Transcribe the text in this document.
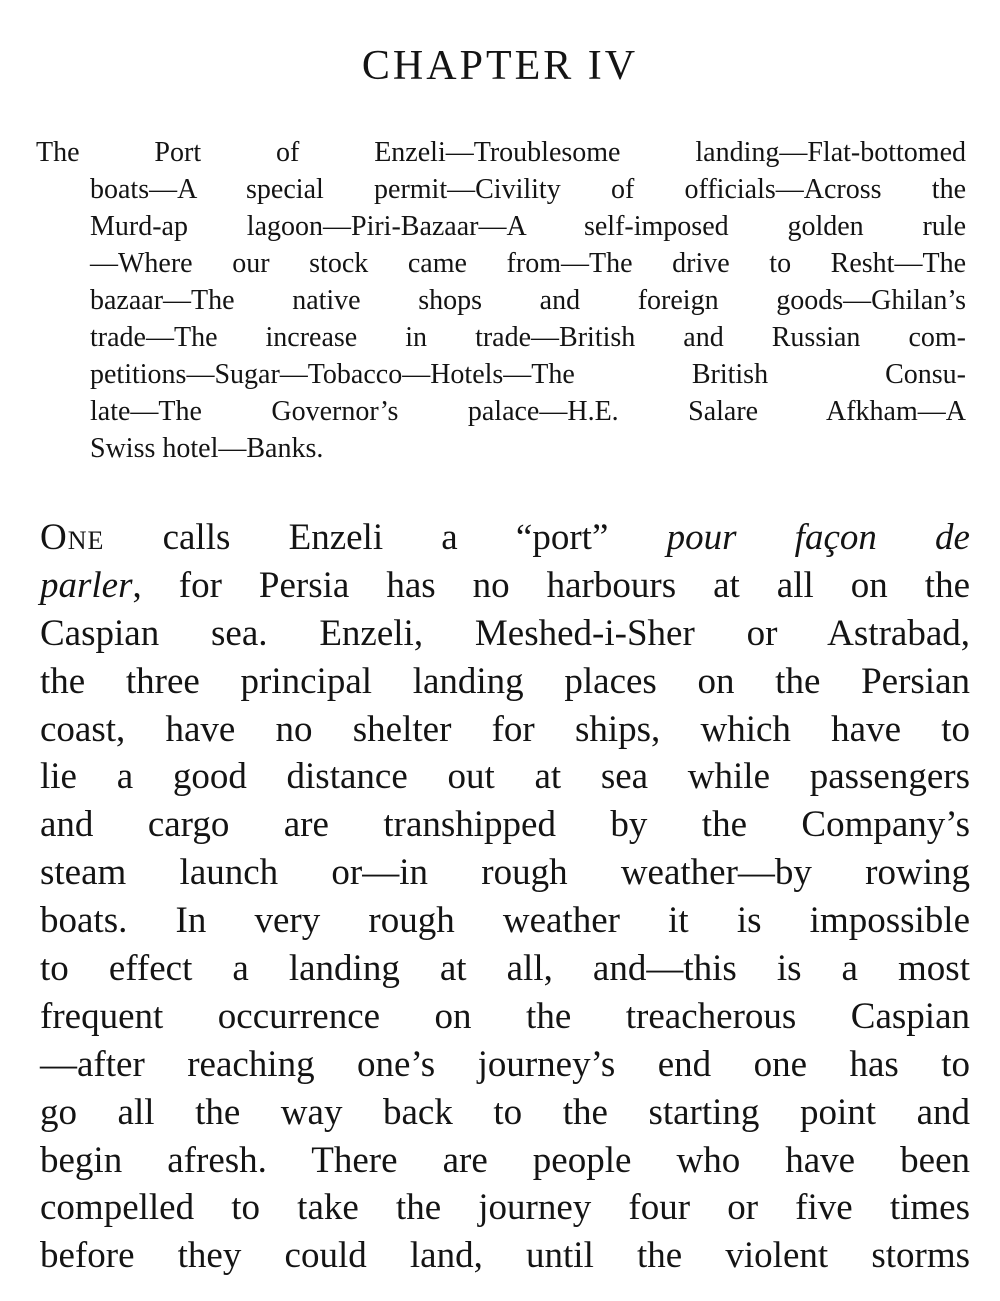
CHAPTER IV
The Port of Enzeli—Troublesome landing—Flat-bottomed
boats—A special permit—Civility of officials—Across the
Murd-ap lagoon—Piri-Bazaar—A self-imposed golden rule
—Where our stock came from—The drive to Resht—The
bazaar—The native shops and foreign goods—Ghilan’s
trade—The increase in trade—British and Russian com-
petitions—Sugar—Tobacco—Hotels—The British Consu-
late—The Governor’s palace—H.E. Salare Afkham—A
Swiss hotel—Banks.
One calls Enzeli a “port” pour façon de
parler, for Persia has no harbours at all on the
Caspian sea. Enzeli, Meshed-i-Sher or Astrabad,
the three principal landing places on the Persian
coast, have no shelter for ships, which have to
lie a good distance out at sea while passengers
and cargo are transhipped by the Company’s
steam launch or—in rough weather—by rowing
boats. In very rough weather it is impossible
to effect a landing at all, and—this is a most
frequent occurrence on the treacherous Caspian
—after reaching one’s journey’s end one has to
go all the way back to the starting point and
begin afresh. There are people who have been
compelled to take the journey four or five times
before they could land, until the violent storms
